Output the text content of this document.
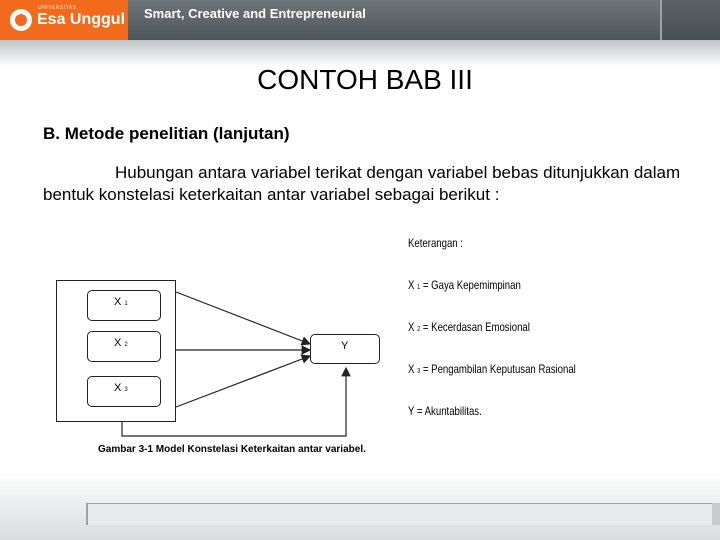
UNIVERSITAS
Esa Unggul Smart, Creative and Entrepreneurial
CONTOH BAB III
B. Metode penelitian (lanjutan)
Hubungan antara variabel terikat dengan variabel bebas ditunjukkan dalam bentuk konstelasi keterkaitan antar variabel sebagai berikut :
X 1
X 2
X 3
Y
Gambar 3-1 Model Konstelasi Keterkaitan antar variabel.
Keterangan :
X 1 = Gaya Kepemimpinan
X 2 = Kecerdasan Emosional
X 3 = Pengambilan Keputusan Rasional
Y = Akuntabilitas.
